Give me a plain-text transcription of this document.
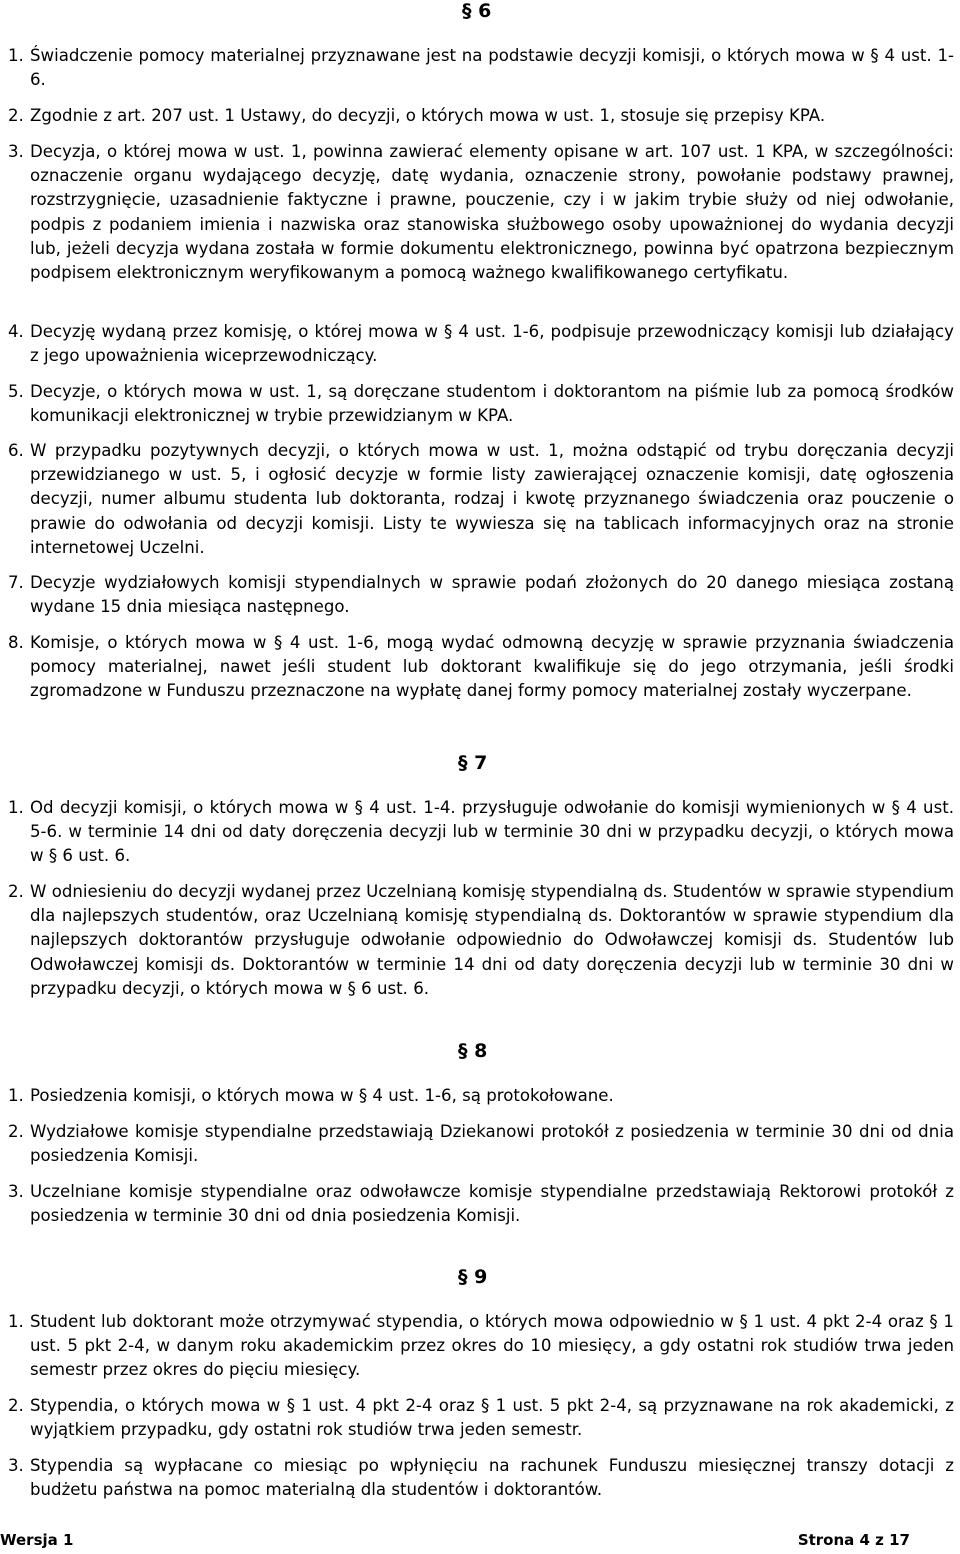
§ 6
1. Świadczenie pomocy materialnej przyznawane jest na podstawie decyzji komisji, o których mowa w § 4 ust. 1-6.
2. Zgodnie z art. 207 ust. 1 Ustawy, do decyzji, o których mowa w ust. 1, stosuje się przepisy KPA.
3. Decyzja, o której mowa w ust. 1, powinna zawierać elementy opisane w art. 107 ust. 1 KPA, w szczególności: oznaczenie organu wydającego decyzję, datę wydania, oznaczenie strony, powołanie podstawy prawnej, rozstrzygnięcie, uzasadnienie faktyczne i prawne, pouczenie, czy i w jakim trybie służy od niej odwołanie, podpis z podaniem imienia i nazwiska oraz stanowiska służbowego osoby upoważnionej do wydania decyzji lub, jeżeli decyzja wydana została w formie dokumentu elektronicznego, powinna być opatrzona bezpiecznym podpisem elektronicznym weryfikowanym a pomocą ważnego kwalifikowanego certyfikatu.
4. Decyzję wydaną przez komisję, o której mowa w § 4 ust. 1-6, podpisuje przewodniczący komisji lub działający z jego upoważnienia wiceprzewodniczący.
5. Decyzje, o których mowa w ust. 1, są doręczane studentom i doktorantom na piśmie lub za pomocą środków komunikacji elektronicznej w trybie przewidzianym w KPA.
6. W przypadku pozytywnych decyzji, o których mowa w ust. 1, można odstąpić od trybu doręczania decyzji przewidzianego w ust. 5, i ogłosić decyzje w formie listy zawierającej oznaczenie komisji, datę ogłoszenia decyzji, numer albumu studenta lub doktoranta, rodzaj i kwotę przyznanego świadczenia oraz pouczenie o prawie do odwołania od decyzji komisji. Listy te wywiesza się na tablicach informacyjnych oraz na stronie internetowej Uczelni.
7. Decyzje wydziałowych komisji stypendialnych w sprawie podań złożonych do 20 danego miesiąca zostaną wydane 15 dnia miesiąca następnego.
8. Komisje, o których mowa w § 4 ust. 1-6, mogą wydać odmowną decyzję w sprawie przyznania świadczenia pomocy materialnej, nawet jeśli student lub doktorant kwalifikuje się do jego otrzymania, jeśli środki zgromadzone w Funduszu przeznaczone na wypłatę danej formy pomocy materialnej zostały wyczerpane.
§ 7
1. Od decyzji komisji, o których mowa w § 4 ust. 1-4. przysługuje odwołanie do komisji wymienionych w § 4 ust. 5-6. w terminie 14 dni od daty doręczenia decyzji lub w terminie 30 dni w przypadku decyzji, o których mowa w § 6 ust. 6.
2. W odniesieniu do decyzji wydanej przez Uczelnianą komisję stypendialną ds. Studentów w sprawie stypendium dla najlepszych studentów, oraz Uczelnianą komisję stypendialną ds. Doktorantów w sprawie stypendium dla najlepszych doktorantów przysługuje odwołanie odpowiednio do Odwoławczej komisji ds. Studentów lub Odwoławczej komisji ds. Doktorantów w terminie 14 dni od daty doręczenia decyzji lub w terminie 30 dni w przypadku decyzji, o których mowa w § 6 ust. 6.
§ 8
1. Posiedzenia komisji, o których mowa w § 4 ust. 1-6, są protokołowane.
2. Wydziałowe komisje stypendialne przedstawiają Dziekanowi protokół z posiedzenia w terminie 30 dni od dnia posiedzenia Komisji.
3. Uczelniane komisje stypendialne oraz odwoławcze komisje stypendialne przedstawiają Rektorowi protokół z posiedzenia w terminie 30 dni od dnia posiedzenia Komisji.
§ 9
1. Student lub doktorant może otrzymywać stypendia, o których mowa odpowiednio w § 1 ust. 4 pkt 2-4 oraz § 1 ust. 5 pkt 2-4, w danym roku akademickim przez okres do 10 miesięcy, a gdy ostatni rok studiów trwa jeden semestr przez okres do pięciu miesięcy.
2. Stypendia, o których mowa w § 1 ust. 4 pkt 2-4 oraz § 1 ust. 5 pkt 2-4, są przyznawane na rok akademicki, z wyjątkiem przypadku, gdy ostatni rok studiów trwa jeden semestr.
3. Stypendia są wypłacane co miesiąc po wpłynięciu na rachunek Funduszu miesięcznej transzy dotacji z budżetu państwa na pomoc materialną dla studentów i doktorantów.
Wersja 1	Strona 4 z 17
